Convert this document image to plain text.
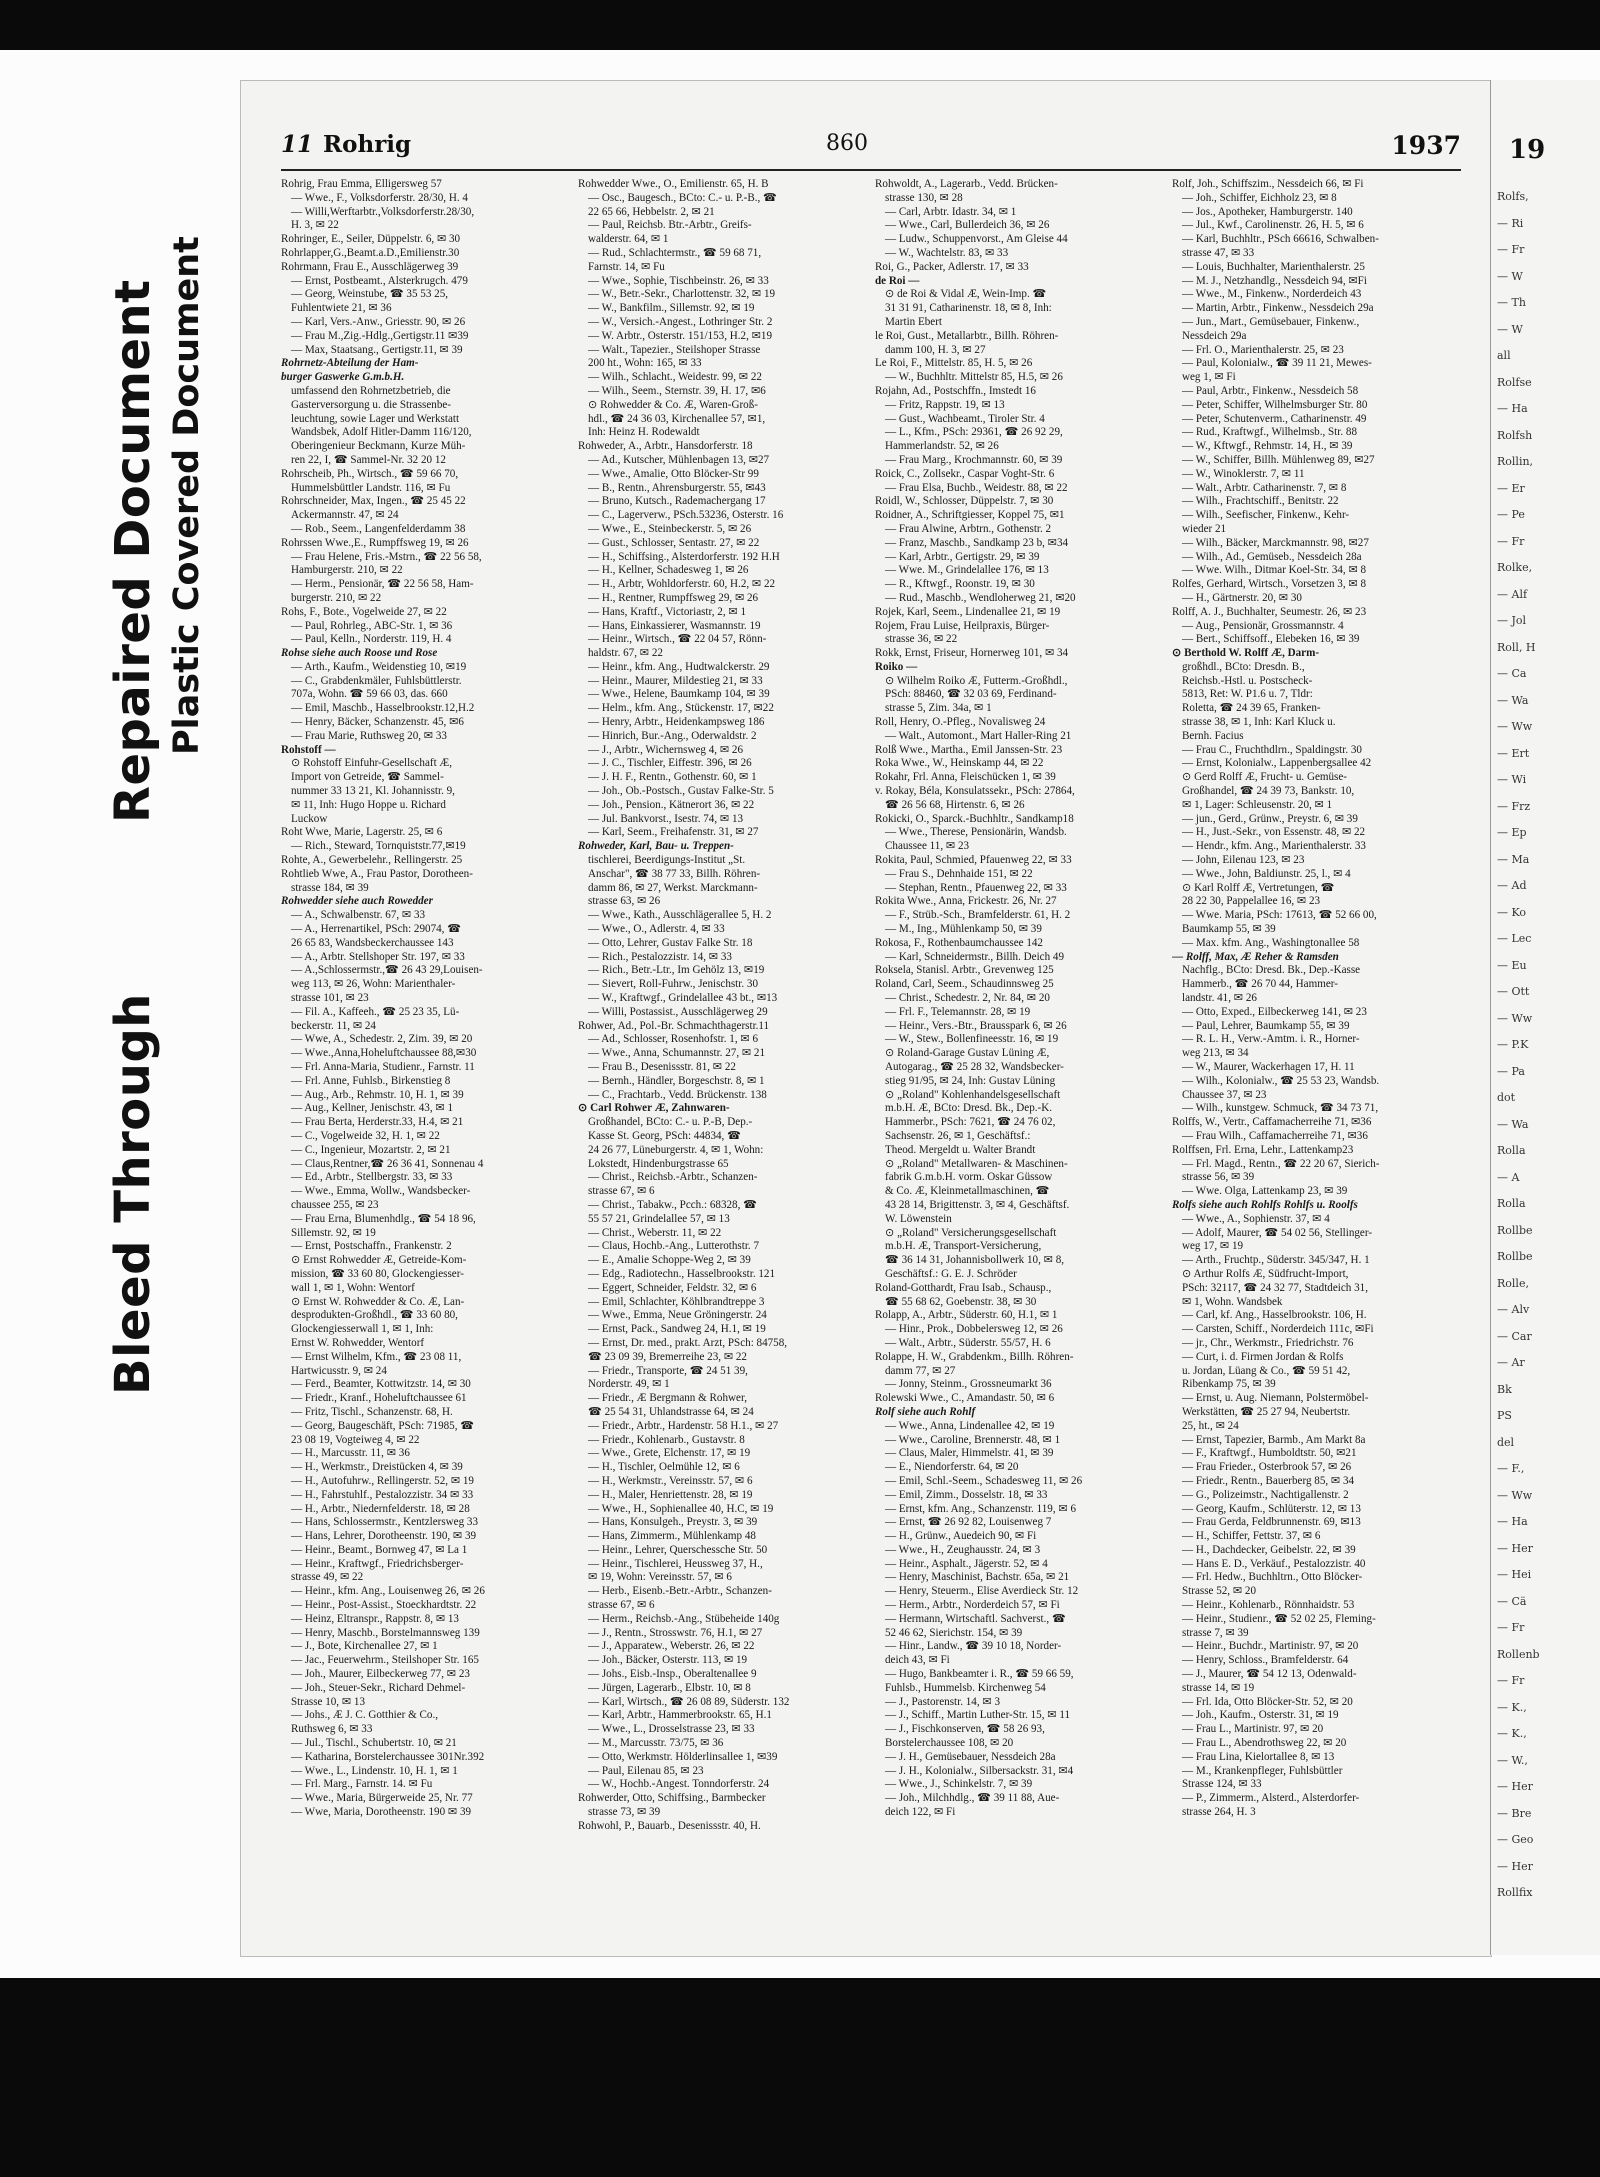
Bleed ThroughRepaired Document Plastic Covered Document
11 Rohrig	860	1937
Rohrig, Frau Emma, Elligersweg 57
— Wwe., F., Volksdorferstr. 28/30, H. 4
— Willi,Werftarbtr.,Volksdorferstr.28/30,
H. 3, ✉ 22
Rohringer, E., Seiler, Düppelstr. 6, ✉ 30
Rohrlapper,G.,Beamt.a.D.,Emilienstr.30
Rohrmann, Frau E., Ausschlägerweg 39
— Ernst, Postbeamt., Alsterkrugch. 479
— Georg, Weinstube, ☎ 35 53 25,
Fuhlentwiete 21, ✉ 36
— Karl, Vers.-Anw., Griesstr. 90, ✉ 26
— Frau M.,Zig.-Hdlg.,Gertigstr.11 ✉39
— Max, Staatsang., Gertigstr.11, ✉ 39
Rohrnetz-Abteilung der Ham-
burger Gaswerke G.m.b.H.
umfassend den Rohrnetzbetrieb, die
Gasterversorgung u. die Strassenbe-
leuchtung, sowie Lager und Werkstatt
Wandsbek, Adolf Hitler-Damm 116/120,
Oberingenieur Beckmann, Kurze Müh-
ren 22, I, ☎ Sammel-Nr. 32 20 12
Rohrscheib, Ph., Wirtsch., ☎ 59 66 70,
Hummelsbüttler Landstr. 116, ✉ Fu
Rohrschneider, Max, Ingen., ☎ 25 45 22
Ackermannstr. 47, ✉ 24
— Rob., Seem., Langenfelderdamm 38
Rohrssen Wwe.,E., Rumpffsweg 19, ✉ 26
— Frau Helene, Fris.-Mstrn., ☎ 22 56 58,
Hamburgerstr. 210, ✉ 22
— Herm., Pensionär, ☎ 22 56 58, Ham-
burgerstr. 210, ✉ 22
Rohs, F., Bote., Vogelweide 27, ✉ 22
— Paul, Rohrleg., ABC-Str. 1, ✉ 36
— Paul, Kelln., Norderstr. 119, H. 4
Rohse siehe auch Roose und Rose
— Arth., Kaufm., Weidenstieg 10, ✉19
— C., Grabdenkmäler, Fuhlsbüttlerstr.
707a, Wohn. ☎ 59 66 03, das. 660
— Emil, Maschb., Hasselbrookstr.12,H.2
— Henry, Bäcker, Schanzenstr. 45, ✉6
— Frau Marie, Ruthsweg 20, ✉ 33
Rohstoff —
⊙ Rohstoff Einfuhr-Gesellschaft Æ,
Import von Getreide, ☎ Sammel-
nummer 33 13 21, Kl. Johannisstr. 9,
✉ 11, Inh: Hugo Hoppe u. Richard
Luckow
Roht Wwe, Marie, Lagerstr. 25, ✉ 6
— Rich., Steward, Tornquiststr.77,✉19
Rohte, A., Gewerbelehr., Rellingerstr. 25
Rohtlieb Wwe, A., Frau Pastor, Dorotheen-
strasse 184, ✉ 39
Rohwedder siehe auch Rowedder
— A., Schwalbenstr. 67, ✉ 33
— A., Herrenartikel, PSch: 29074, ☎
26 65 83, Wandsbeckerchaussee 143
— A., Arbtr. Stellshoper Str. 197, ✉ 33
— A.,Schlossermstr.,☎ 26 43 29,Louisen-
weg 113, ✉ 26, Wohn: Marienthaler-
strasse 101, ✉ 23
— Fil. A., Kaffeeh., ☎ 25 23 35, Lü-
beckerstr. 11, ✉ 24
— Wwe, A., Schedestr. 2, Zim. 39, ✉ 20
— Wwe.,Anna,Hoheluftchaussee 88,✉30
— Frl. Anna-Maria, Studienr., Farnstr. 11
— Frl. Anne, Fuhlsb., Birkenstieg 8
— Aug., Arb., Rehmstr. 10, H. 1, ✉ 39
— Aug., Kellner, Jenischstr. 43, ✉ 1
— Frau Berta, Herderstr.33, H.4, ✉ 21
— C., Vogelweide 32, H. 1, ✉ 22
— C., Ingenieur, Mozartstr. 2, ✉ 21
— Claus,Rentner,☎ 26 36 41, Sonnenau 4
— Ed., Arbtr., Stellbergstr. 33, ✉ 33
— Wwe., Emma, Wollw., Wandsbecker-
chaussee 255, ✉ 23
— Frau Erna, Blumenhdlg., ☎ 54 18 96,
Sillemstr. 92, ✉ 19
— Ernst, Postschaffn., Frankenstr. 2
⊙ Ernst Rohwedder Æ, Getreide-Kom-
mission, ☎ 33 60 80, Glockengiesser-
wall 1, ✉ 1, Wohn: Wentorf
⊙ Ernst W. Rohwedder & Co. Æ, Lan-
desprodukten-Großhdl., ☎ 33 60 80,
Glockengiesserwall 1, ✉ 1, Inh:
Ernst W. Rohwedder, Wentorf
— Ernst Wilhelm, Kfm., ☎ 23 08 11,
Hartwicusstr. 9, ✉ 24
— Ferd., Beamter, Kottwitzstr. 14, ✉ 30
— Friedr., Kranf., Hoheluftchaussee 61
— Fritz, Tischl., Schanzenstr. 68, H.
— Georg, Baugeschäft, PSch: 71985, ☎
23 08 19, Vogteiweg 4, ✉ 22
— H., Marcusstr. 11, ✉ 36
— H., Werkmstr., Dreistücken 4, ✉ 39
— H., Autofuhrw., Rellingerstr. 52, ✉ 19
— H., Fahrstuhlf., Pestalozzistr. 34 ✉ 33
— H., Arbtr., Niedernfelderstr. 18, ✉ 28
— Hans, Schlossermstr., Kentzlersweg 33
— Hans, Lehrer, Dorotheenstr. 190, ✉ 39
— Heinr., Beamt., Bornweg 47, ✉ La 1
— Heinr., Kraftwgf., Friedrichsberger-
strasse 49, ✉ 22
— Heinr., kfm. Ang., Louisenweg 26, ✉ 26
— Heinr., Post-Assist., Stoeckhardtstr. 22
— Heinz, Eltranspr., Rappstr. 8, ✉ 13
— Henry, Maschb., Borstelmannsweg 139
— J., Bote, Kirchenallee 27, ✉ 1
— Jac., Feuerwehrm., Steilshoper Str. 165
— Joh., Maurer, Eilbeckerweg 77, ✉ 23
— Joh., Steuer-Sekr., Richard Dehmel-
Strasse 10, ✉ 13
— Johs., Æ J. C. Gotthier & Co.,
Ruthsweg 6, ✉ 33
— Jul., Tischl., Schubertstr. 10, ✉ 21
— Katharina, Borstelerchaussee 301Nr.392
— Wwe., L., Lindenstr. 10, H. 1, ✉ 1
— Frl. Marg., Farnstr. 14. ✉ Fu
— Wwe., Maria, Bürgerweide 25, Nr. 77
— Wwe, Maria, Dorotheenstr. 190 ✉ 39
Rohwedder Wwe., O., Emilienstr. 65, H. B
— Osc., Baugesch., BCto: C.- u. P.-B., ☎
22 65 66, Hebbelstr. 2, ✉ 21
— Paul, Reichsb. Btr.-Arbtr., Greifs-
walderstr. 64, ✉ 1
— Rud., Schlachtermstr., ☎ 59 68 71,
Farnstr. 14, ✉ Fu
— Wwe., Sophie, Tischbeinstr. 26, ✉ 33
— W., Betr.-Sekr., Charlottenstr. 32, ✉ 19
— W., Bankfilm., Sillemstr. 92, ✉ 19
— W., Versich.-Angest., Lothringer Str. 2
— W. Arbtr., Osterstr. 151/153, H.2, ✉19
— Walt., Tapezier., Steilshoper Strasse
200 ht., Wohn: 165, ✉ 33
— Wilh., Schlacht., Weidestr. 99, ✉ 22
— Wilh., Seem., Sternstr. 39, H. 17, ✉6
⊙ Rohwedder & Co. Æ, Waren-Groß-
hdl., ☎ 24 36 03, Kirchenallee 57, ✉1,
Inh: Heinz H. Rodewaldt
Rohweder, A., Arbtr., Hansdorferstr. 18
— Ad., Kutscher, Mühlenbagen 13, ✉27
— Wwe., Amalie, Otto Blöcker-Str 99
— B., Rentn., Ahrensburgerstr. 55, ✉43
— Bruno, Kutsch., Rademachergang 17
— C., Lagerverw., PSch.53236, Osterstr. 16
— Wwe., E., Steinbeckerstr. 5, ✉ 26
— Gust., Schlosser, Sentastr. 27, ✉ 22
— H., Schiffsing., Alsterdorferstr. 192 H.H
— H., Kellner, Schadesweg 1, ✉ 26
— H., Arbtr, Wohldorferstr. 60, H.2, ✉ 22
— H., Rentner, Rumpffsweg 29, ✉ 26
— Hans, Kraftf., Victoriastr, 2, ✉ 1
— Hans, Einkassierer, Wasmannstr. 19
— Heinr., Wirtsch., ☎ 22 04 57, Rönn-
haldstr. 67, ✉ 22
— Heinr., kfm. Ang., Hudtwalckerstr. 29
— Heinr., Maurer, Mildestieg 21, ✉ 33
— Wwe., Helene, Baumkamp 104, ✉ 39
— Helm., kfm. Ang., Stückenstr. 17, ✉22
— Henry, Arbtr., Heidenkampsweg 186
— Hinrich, Bur.-Ang., Oderwaldstr. 2
— J., Arbtr., Wichernsweg 4, ✉ 26
— J. C., Tischler, Eiffestr. 396, ✉ 26
— J. H. F., Rentn., Gothenstr. 60, ✉ 1
— Joh., Ob.-Postsch., Gustav Falke-Str. 5
— Joh., Pension., Kätnerort 36, ✉ 22
— Jul. Bankvorst., Isestr. 74, ✉ 13
— Karl, Seem., Freihafenstr. 31, ✉ 27
Rohweder, Karl, Bau- u. Treppen-
tischlerei, Beerdigungs-Institut „St.
Anschar", ☎ 38 77 33, Billh. Röhren-
damm 86, ✉ 27, Werkst. Marckmann-
strasse 63, ✉ 26
— Wwe., Kath., Ausschlägerallee 5, H. 2
— Wwe., O., Adlerstr. 4, ✉ 33
— Otto, Lehrer, Gustav Falke Str. 18
— Rich., Pestalozzistr. 14, ✉ 33
— Rich., Betr.-Ltr., Im Gehölz 13, ✉19
— Sievert, Roll-Fuhrw., Jenischstr. 30
— W., Kraftwgf., Grindelallee 43 bt., ✉13
— Willi, Postassist., Ausschlägerweg 29
Rohwer, Ad., Pol.-Br. Schmachthagerstr.11
— Ad., Schlosser, Rosenhofstr. 1, ✉ 6
— Wwe., Anna, Schumannstr. 27, ✉ 21
— Frau B., Desenissstr. 81, ✉ 22
— Bernh., Händler, Borgeschstr. 8, ✉ 1
— C., Frachtarb., Vedd. Brückenstr. 138
⊙ Carl Rohwer Æ, Zahnwaren-
Großhandel, BCto: C.- u. P.-B, Dep.-
Kasse St. Georg, PSch: 44834, ☎
24 26 77, Lüneburgerstr. 4, ✉ 1, Wohn:
Lokstedt, Hindenburgstrasse 65
— Christ., Reichsb.-Arbtr., Schanzen-
strasse 67, ✉ 6
— Christ., Tabakw., Pcch.: 68328, ☎
55 57 21, Grindelallee 57, ✉ 13
— Christ., Weberstr. 11, ✉ 22
— Claus, Hochb.-Ang., Lutterothstr. 7
— E., Amalie Schoppe-Weg 2, ✉ 39
— Edg., Radiotechn., Hasselbrookstr. 121
— Eggert, Schneider, Feldstr. 32, ✉ 6
— Emil, Schlachter, Köhlbrandtreppe 3
— Wwe., Emma, Neue Gröningerstr. 24
— Ernst, Pack., Sandweg 24, H.1, ✉ 19
— Ernst, Dr. med., prakt. Arzt, PSch: 84758,
☎ 23 09 39, Bremerreihe 23, ✉ 22
— Friedr., Transporte, ☎ 24 51 39,
Norderstr. 49, ✉ 1
— Friedr., Æ Bergmann & Rohwer,
☎ 25 54 31, Uhlandstrasse 64, ✉ 24
— Friedr., Arbtr., Hardenstr. 58 H.1., ✉ 27
— Friedr., Kohlenarb., Gustavstr. 8
— Wwe., Grete, Elchenstr. 17, ✉ 19
— H., Tischler, Oelmühle 12, ✉ 6
— H., Werkmstr., Vereinsstr. 57, ✉ 6
— H., Maler, Henriettenstr. 28, ✉ 19
— Wwe., H., Sophienallee 40, H.C, ✉ 19
— Hans, Konsulgeh., Preystr. 3, ✉ 39
— Hans, Zimmerm., Mühlenkamp 48
— Heinr., Lehrer, Querschessche Str. 50
— Heinr., Tischlerei, Heussweg 37, H.,
✉ 19, Wohn: Vereinsstr. 57, ✉ 6
— Herb., Eisenb.-Betr.-Arbtr., Schanzen-
strasse 67, ✉ 6
— Herm., Reichsb.-Ang., Stübeheide 140g
— J., Rentn., Strosswstr. 76, H.1, ✉ 27
— J., Apparatew., Weberstr. 26, ✉ 22
— Joh., Bäcker, Osterstr. 113, ✉ 19
— Johs., Eisb.-Insp., Oberaltenallee 9
— Jürgen, Lagerarb., Elbstr. 10, ✉ 8
— Karl, Wirtsch., ☎ 26 08 89, Süderstr. 132
— Karl, Arbtr., Hammerbrookstr. 65, H.1
— Wwe., L., Drosselstrasse 23, ✉ 33
— M., Marcusstr. 73/75, ✉ 36
— Otto, Werkmstr. Hölderlinsallee 1, ✉39
— Paul, Eilenau 85, ✉ 23
— W., Hochb.-Angest. Tonndorferstr. 24
Rohwerder, Otto, Schiffsing., Barmbecker
strasse 73, ✉ 39
Rohwohl, P., Bauarb., Desenissstr. 40, H.
Rohwoldt, A., Lagerarb., Vedd. Brücken-
strasse 130, ✉ 28
— Carl, Arbtr. Idastr. 34, ✉ 1
— Wwe., Carl, Bullerdeich 36, ✉ 26
— Ludw., Schuppenvorst., Am Gleise 44
— W., Wachtelstr. 83, ✉ 33
Roi, G., Packer, Adlerstr. 17, ✉ 33
de Roi —
⊙ de Roi & Vidal Æ, Wein-Imp. ☎
31 31 91, Catharinenstr. 18, ✉ 8, Inh:
Martin Ebert
le Roi, Gust., Metallarbtr., Billh. Röhren-
damm 100, H. 3, ✉ 27
Le Roi, F., Mittelstr. 85, H. 5, ✉ 26
— W., Buchhltr. Mittelstr 85, H.5, ✉ 26
Rojahn, Ad., Postschffn., Imstedt 16
— Fritz, Rappstr. 19, ✉ 13
— Gust., Wachbeamt., Tiroler Str. 4
— L., Kfm., PSch: 29361, ☎ 26 92 29,
Hammerlandstr. 52, ✉ 26
— Frau Marg., Krochmannstr. 60, ✉ 39
Roick, C., Zollsekr., Caspar Voght-Str. 6
— Frau Elsa, Buchb., Weidestr. 88, ✉ 22
Roidl, W., Schlosser, Düppelstr. 7, ✉ 30
Roidner, A., Schriftgiesser, Koppel 75, ✉1
— Frau Alwine, Arbtrn., Gothenstr. 2
— Franz, Maschb., Sandkamp 23 b, ✉34
— Karl, Arbtr., Gertigstr. 29, ✉ 39
— Wwe. M., Grindelallee 176, ✉ 13
— R., Kftwgf., Roonstr. 19, ✉ 30
— Rud., Maschb., Wendloherweg 21, ✉20
Rojek, Karl, Seem., Lindenallee 21, ✉ 19
Rojem, Frau Luise, Heilpraxis, Bürger-
strasse 36, ✉ 22
Rokk, Ernst, Friseur, Hornerweg 101, ✉ 34
Roiko —
⊙ Wilhelm Roiko Æ, Futterm.-Großhdl.,
PSch: 88460, ☎ 32 03 69, Ferdinand-
strasse 5, Zim. 34a, ✉ 1
Roll, Henry, O.-Pfleg., Novalisweg 24
— Walt., Automont., Mart Haller-Ring 21
Rolß Wwe., Martha., Emil Janssen-Str. 23
Roka Wwe., W., Heinskamp 44, ✉ 22
Rokahr, Frl. Anna, Fleischücken 1, ✉ 39
v. Rokay, Béla, Konsulatssekr., PSch: 27864,
☎ 26 56 68, Hirtenstr. 6, ✉ 26
Rokicki, O., Sparck.-Buchhltr., Sandkamp18
— Wwe., Therese, Pensionärin, Wandsb.
Chaussee 11, ✉ 23
Rokita, Paul, Schmied, Pfauenweg 22, ✉ 33
— Frau S., Dehnhaide 151, ✉ 22
— Stephan, Rentn., Pfauenweg 22, ✉ 33
Rokita Wwe., Anna, Frickestr. 26, Nr. 27
— F., Strüb.-Sch., Bramfelderstr. 61, H. 2
— M., Ing., Mühlenkamp 50, ✉ 39
Rokosa, F., Rothenbaumchaussee 142
— Karl, Schneidermstr., Billh. Deich 49
Roksela, Stanisl. Arbtr., Grevenweg 125
Roland, Carl, Seem., Schaudinnsweg 25
— Christ., Schedestr. 2, Nr. 84, ✉ 20
— Frl. F., Telemannstr. 28, ✉ 19
— Heinr., Vers.-Btr., Brausspark 6, ✉ 26
— W., Stew., Bollenfineesstr. 16, ✉ 19
⊙ Roland-Garage Gustav Lüning Æ,
Autogarag., ☎ 25 28 32, Wandsbecker-
stieg 91/95, ✉ 24, Inh: Gustav Lüning
⊙ „Roland" Kohlenhandelsgesellschaft
m.b.H. Æ, BCto: Dresd. Bk., Dep.-K.
Hammerbr., PSch: 7621, ☎ 24 76 02,
Sachsenstr. 26, ✉ 1, Geschäftsf.:
Theod. Mergeldt u. Walter Brandt
⊙ „Roland" Metallwaren- & Maschinen-
fabrik G.m.b.H. vorm. Oskar Güssow
& Co. Æ, Kleinmetallmaschinen, ☎
43 28 14, Brigittenstr. 3, ✉ 4, Geschäftsf.
W. Löwenstein
⊙ „Roland" Versicherungsgesellschaft
m.b.H. Æ, Transport-Versicherung,
☎ 36 14 31, Johannisbollwerk 10, ✉ 8,
Geschäftsf.: G. E. J. Schröder
Roland-Gotthardt, Frau Isab., Schausp.,
☎ 55 68 62, Goebenstr. 38, ✉ 30
Rolapp, A., Arbtr., Süderstr. 60, H.1, ✉ 1
— Hinr., Prok., Dobbelersweg 12, ✉ 26
— Walt., Arbtr., Süderstr. 55/57, H. 6
Rolappe, H. W., Grabdenkm., Billh. Röhren-
damm 77, ✉ 27
— Jonny, Steinm., Grossneumarkt 36
Rolewski Wwe., C., Amandastr. 50, ✉ 6
Rolf siehe auch Rohlf
— Wwe., Anna, Lindenallee 42, ✉ 19
— Wwe., Caroline, Brennerstr. 48, ✉ 1
— Claus, Maler, Himmelstr. 41, ✉ 39
— E., Niendorferstr. 64, ✉ 20
— Emil, Schl.-Seem., Schadesweg 11, ✉ 26
— Emil, Zimm., Dosselstr. 18, ✉ 33
— Ernst, kfm. Ang., Schanzenstr. 119, ✉ 6
— Ernst, ☎ 26 92 82, Louisenweg 7
— H., Grünw., Auedeich 90, ✉ Fi
— Wwe., H., Zeughausstr. 24, ✉ 3
— Heinr., Asphalt., Jägerstr. 52, ✉ 4
— Henry, Maschinist, Bachstr. 65a, ✉ 21
— Henry, Steuerm., Elise Averdieck Str. 12
— Herm., Arbtr., Norderdeich 57, ✉ Fi
— Hermann, Wirtschaftl. Sachverst., ☎
52 46 62, Sierichstr. 154, ✉ 39
— Hinr., Landw., ☎ 39 10 18, Norder-
deich 43, ✉ Fi
— Hugo, Bankbeamter i. R., ☎ 59 66 59,
Fuhlsb., Hummelsb. Kirchenweg 54
— J., Pastorenstr. 14, ✉ 3
— J., Schiff., Martin Luther-Str. 15, ✉ 11
— J., Fischkonserven, ☎ 58 26 93,
Borstelerchaussee 108, ✉ 20
— J. H., Gemüsebauer, Nessdeich 28a
— J. H., Kolonialw., Silbersackstr. 31, ✉4
— Wwe., J., Schinkelstr. 7, ✉ 39
— Joh., Milchhdlg., ☎ 39 11 88, Aue-
deich 122, ✉ Fi
Rolf, Joh., Schiffszim., Nessdeich 66, ✉ Fi
— Joh., Schiffer, Eichholz 23, ✉ 8
— Jos., Apotheker, Hamburgerstr. 140
— Jul., Kwf., Carolinenstr. 26, H. 5, ✉ 6
— Karl, Buchhltr., PSch 66616, Schwalben-
strasse 47, ✉ 33
— Louis, Buchhalter, Marienthalerstr. 25
— M. J., Netzhandlg., Nessdeich 94, ✉Fi
— Wwe., M., Finkenw., Norderdeich 43
— Martin, Arbtr., Finkenw., Nessdeich 29a
— Jun., Mart., Gemüsebauer, Finkenw.,
Nessdeich 29a
— Frl. O., Marienthalerstr. 25, ✉ 23
— Paul, Kolonialw., ☎ 39 11 21, Mewes-
weg 1, ✉ Fi
— Paul, Arbtr., Finkenw., Nessdeich 58
— Peter, Schiffer, Wilhelmsburger Str. 80
— Peter, Schutenverm., Catharinenstr. 49
— Rud., Kraftwgf., Wilhelmsb., Str. 88
— W., Kftwgf., Rehmstr. 14, H., ✉ 39
— W., Schiffer, Billh. Mühlenweg 89, ✉27
— W., Winoklerstr. 7, ✉ 11
— Walt., Arbtr. Catharinenstr. 7, ✉ 8
— Wilh., Frachtschiff., Benitstr. 22
— Wilh., Seefischer, Finkenw., Kehr-
wieder 21
— Wilh., Bäcker, Marckmannstr. 98, ✉27
— Wilh., Ad., Gemüseb., Nessdeich 28a
— Wwe. Wilh., Ditmar Koel-Str. 34, ✉ 8
Rolfes, Gerhard, Wirtsch., Vorsetzen 3, ✉ 8
— H., Gärtnerstr. 20, ✉ 30
Rolff, A. J., Buchhalter, Seumestr. 26, ✉ 23
— Aug., Pensionär, Grossmannstr. 4
— Bert., Schiffsoff., Elebeken 16, ✉ 39
⊙ Berthold W. Rolff Æ, Darm-
großhdl., BCto: Dresdn. B.,
Reichsb.-Hstl. u. Postscheck-
5813, Ret: W. P1.6 u. 7, Tldr:
Roletta, ☎ 24 39 65, Franken-
strasse 38, ✉ 1, Inh: Karl Kluck u.
Bernh. Facius
— Frau C., Fruchthdlrn., Spaldingstr. 30
— Ernst, Kolonialw., Lappenbergsallee 42
⊙ Gerd Rolff Æ, Frucht- u. Gemüse-
Großhandel, ☎ 24 39 73, Bankstr. 10,
✉ 1, Lager: Schleusenstr. 20, ✉ 1
— jun., Gerd., Grünw., Preystr. 6, ✉ 39
— H., Just.-Sekr., von Essenstr. 48, ✉ 22
— Hendr., kfm. Ang., Marienthalerstr. 33
— John, Eilenau 123, ✉ 23
— Wwe., John, Baldiunstr. 25, l., ✉ 4
⊙ Karl Rolff Æ, Vertretungen, ☎
28 22 30, Pappelallee 16, ✉ 23
— Wwe. Maria, PSch: 17613, ☎ 52 66 00,
Baumkamp 55, ✉ 39
— Max. kfm. Ang., Washingtonallee 58
— Rolff, Max, Æ Reher & Ramsden
Nachflg., BCto: Dresd. Bk., Dep.-Kasse
Hammerb., ☎ 26 70 44, Hammer-
landstr. 41, ✉ 26
— Otto, Exped., Eilbeckerweg 141, ✉ 23
— Paul, Lehrer, Baumkamp 55, ✉ 39
— R. L. H., Verw.-Amtm. i. R., Horner-
weg 213, ✉ 34
— W., Maurer, Wackerhagen 17, H. 11
— Wilh., Kolonialw., ☎ 25 53 23, Wandsb.
Chaussee 37, ✉ 23
— Wilh., kunstgew. Schmuck, ☎ 34 73 71,
Rolffs, W., Vertr., Caffamacherreihe 71, ✉36
— Frau Wilh., Caffamacherreihe 71, ✉36
Rolffsen, Frl. Erna, Lehr., Lattenkamp23
— Frl. Magd., Rentn., ☎ 22 20 67, Sierich-
strasse 56, ✉ 39
— Wwe. Olga, Lattenkamp 23, ✉ 39
Rolfs siehe auch Rohlfs Rohlfs u. Roolfs
— Wwe., A., Sophienstr. 37, ✉ 4
— Adolf, Maurer, ☎ 54 02 56, Stellinger-
weg 17, ✉ 19
— Arth., Fruchtp., Süderstr. 345/347, H. 1
⊙ Arthur Rolfs Æ, Südfrucht-Import,
PSch: 32117, ☎ 24 32 77, Stadtdeich 31,
✉ 1, Wohn. Wandsbek
— Carl, kf. Ang., Hasselbrookstr. 106, H.
— Carsten, Schiff., Norderdeich 111c, ✉Fi
— jr., Chr., Werkmstr., Friedrichstr. 76
— Curt, i. d. Firmen Jordan & Rolfs
u. Jordan, Lüang & Co., ☎ 59 51 42,
Ribenkamp 75, ✉ 39
— Ernst, u. Aug. Niemann, Polstermöbel-
Werkstätten, ☎ 25 27 94, Neubertstr.
25, ht., ✉ 24
— Ernst, Tapezier, Barmb., Am Markt 8a
— F., Kraftwgf., Humboldtstr. 50, ✉21
— Frau Frieder., Osterbrook 57, ✉ 26
— Friedr., Rentn., Bauerberg 85, ✉ 34
— G., Polizeimstr., Nachtigallenstr. 2
— Georg, Kaufm., Schlüterstr. 12, ✉ 13
— Frau Gerda, Feldbrunnenstr. 69, ✉13
— H., Schiffer, Fettstr. 37, ✉ 6
— H., Dachdecker, Geibelstr. 22, ✉ 39
— Hans E. D., Verkäuf., Pestalozzistr. 40
— Frl. Hedw., Buchhltrn., Otto Blöcker-
Strasse 52, ✉ 20
— Heinr., Kohlenarb., Rönnhaidstr. 53
— Heinr., Studienr., ☎ 52 02 25, Fleming-
strasse 7, ✉ 39
— Heinr., Buchdr., Martinistr. 97, ✉ 20
— Henry, Schloss., Bramfelderstr. 64
— J., Maurer, ☎ 54 12 13, Odenwald-
strasse 14, ✉ 19
— Frl. Ida, Otto Blöcker-Str. 52, ✉ 20
— Joh., Kaufm., Osterstr. 31, ✉ 19
— Frau L., Martinistr. 97, ✉ 20
— Frau L., Abendrothsweg 22, ✉ 20
— Frau Lina, Kielortallee 8, ✉ 13
— M., Krankenpfleger, Fuhlsbüttler
Strasse 124, ✉ 33
— P., Zimmerm., Alsterd., Alsterdorfer-
strasse 264, H. 3
19
Rolfs,
— Ri
— Fr
— W
— Th
— W
all
Rolfse
— Ha
Rolfsh
Rollin,
— Er
— Pe
— Fr
Rolke,
— Alf
— Jol
Roll, H
— Ca
— Wa
— Ww
— Ert
— Wi
— Frz
— Ep
— Ma
— Ad
— Ko
— Lec
— Eu
— Ott
— Ww
— P.K
— Pa
dot
— Wa
Rolla
— A
Rolla
Rollbe
Rollbe
Rolle,
— Alv
— Car
— Ar
Bk
PS
del
— F.,
— Ww
— Ha
— Her
— Hei
— Cä
— Fr
Rollenb
— Fr
— K.,
— K.,
— W.,
— Her
— Bre
— Geo
— Her
Rollfix
